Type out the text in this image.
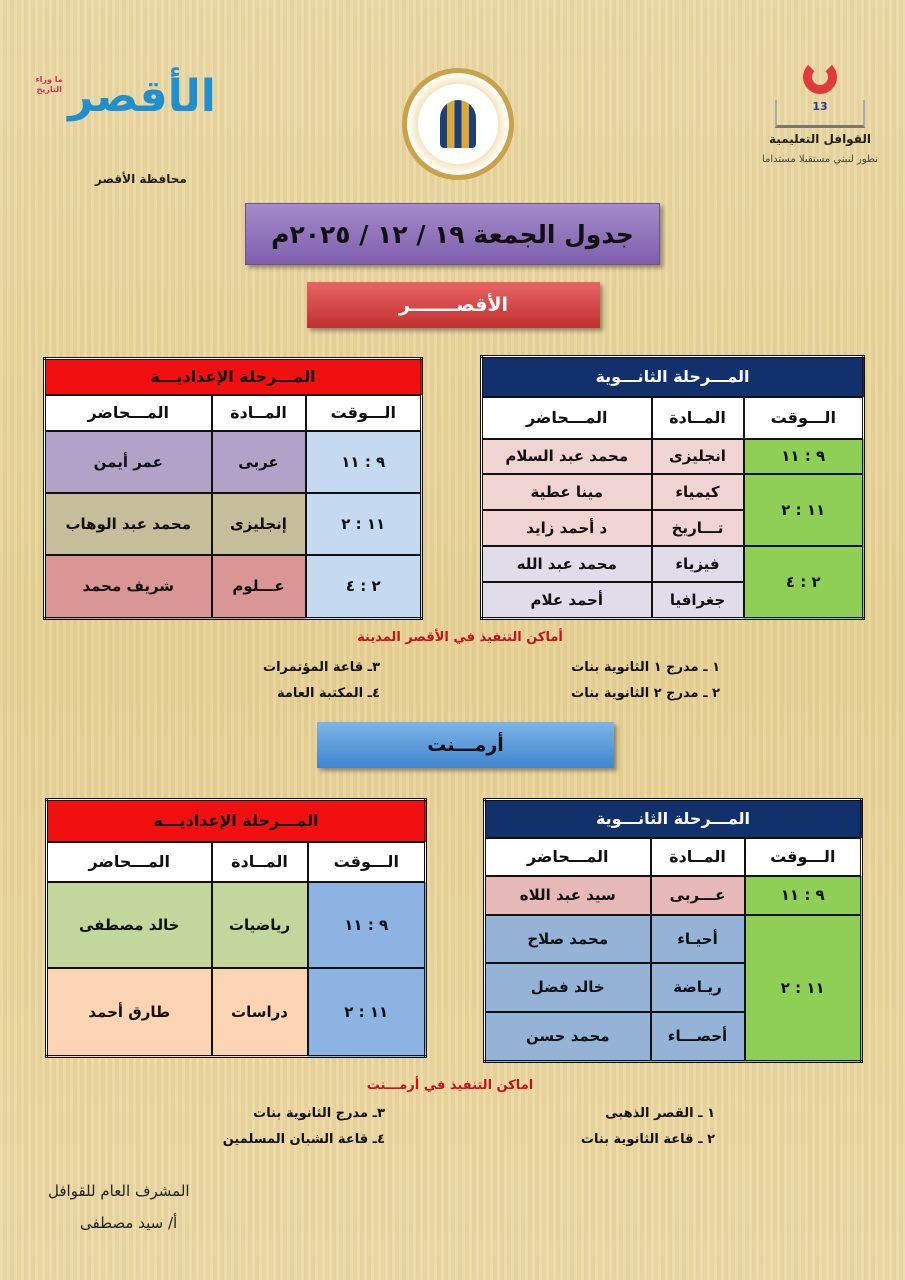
ما وراء التاريخ الأقصر
محافظة الأقصر
13
القوافل التعليمية
نطور لنبني مستقبلا مستداما
جدول الجمعة ١٩ / ١٢ / ٢٠٢٥م
الأقصـــــــر
المـــرحلة الثانـــوية		
الـــوقت	المــادة	المـــحاضر
٩ : ١١	انجليزى	محمد عبد السلام
١١ : ٢	كيمياء	مينا عطية
	تـــاريخ	د أحمد زايد
٢ : ٤	فيزياء	محمد عبد الله
	جغرافيا	أحمد علام
المـــرحلة الإعداديـــة		
الـــوقت	المــادة	المـــحاضر
٩ : ١١	عربى	عمر أيمن
١١ : ٢	إنجليزى	محمد عبد الوهاب
٢ : ٤	عـــلوم	شريف محمد
أماكن التنفيذ في الأقصر المدينة
١ ـ مدرج ١ الثانوية بنات
٢ ـ مدرج ٢ الثانوية بنات
٣ـ قاعة المؤتمرات
٤ـ المكتبة العامة
أرمـــنت
المـــرحلة الثانـــوية		
الـــوقت	المــادة	المـــحاضر
٩ : ١١	عـــربى	سيد عبد اللاه
١١ : ٢	أحيـاء	محمد صلاح
	ريـاضة	خالد فضل
	أحصـــاء	محمد حسن
المـــرحلة الإعداديـــة		
الـــوقت	المــادة	المـــحاضر
٩ : ١١	رياضيات	خالد مصطفى
١١ : ٢	دراسات	طارق أحمد
اماكن التنفيذ في أرمـــنت
١ ـ القصر الذهبى
٢ ـ قاعة الثانوية بنات
٣ـ مدرج الثانوية بنات
٤ـ قاعة الشبان المسلمين
المشرف العام للقوافل
أ/ سيد مصطفى
